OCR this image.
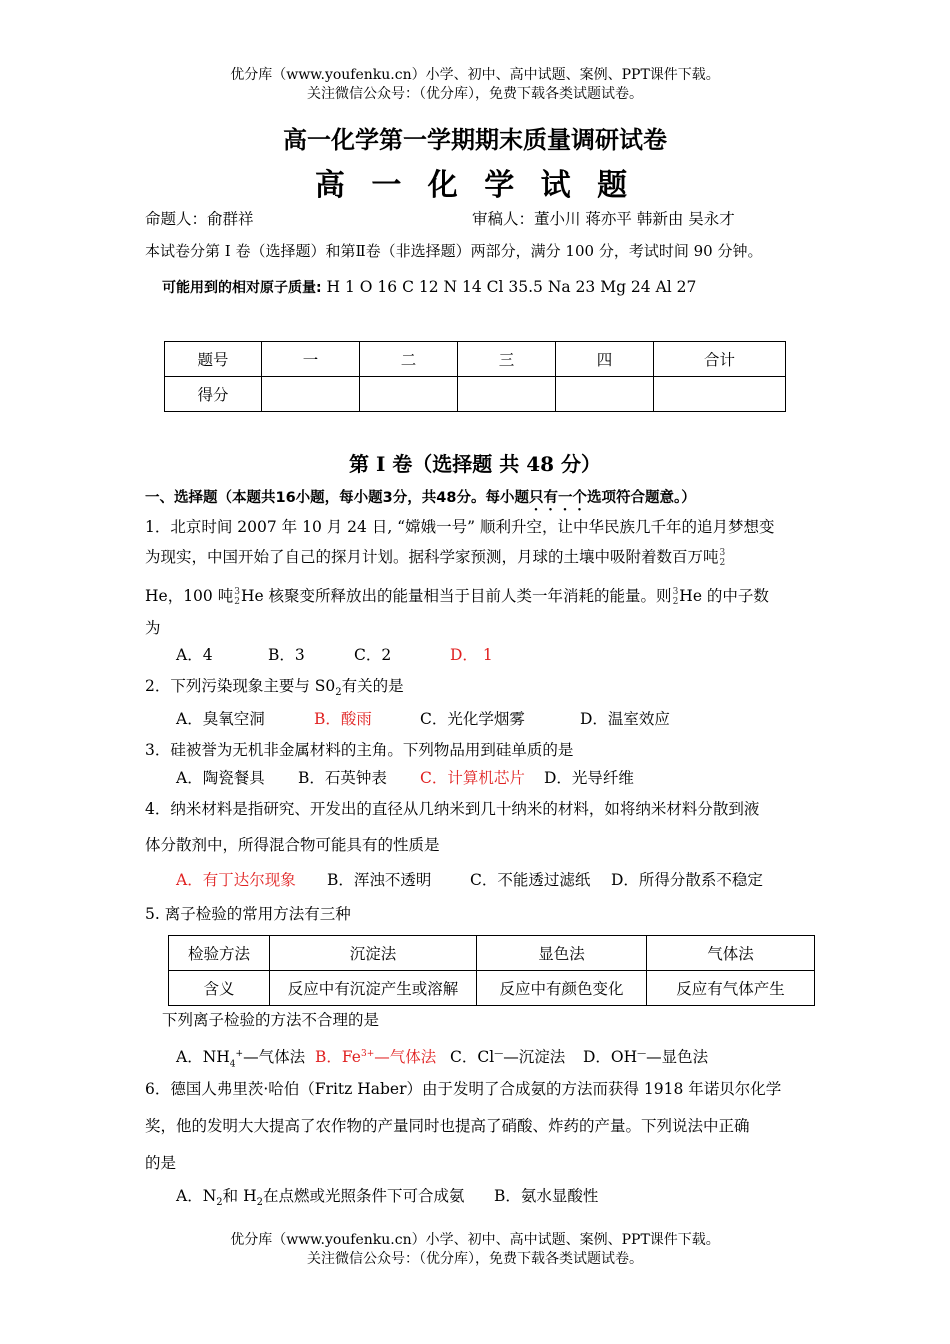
优分库（www.youfenku.cn）小学、初中、高中试题、案例、PPT课件下载。
关注微信公众号：（优分库），免费下载各类试题试卷。
高一化学第一学期期末质量调研试卷
高 一 化 学 试 题
命题人：俞群祥	审稿人：董小川 蒋亦平 韩新由 吴永才
本试卷分第 I 卷（选择题）和第Ⅱ卷（非选择题）两部分，满分 100 分，考试时间 90 分钟。
可能用到的相对原子质量: H 1 O 16 C 12 N 14 Cl 35.5 Na 23 Mg 24 Al 27
题号	一	二	三	四	合计
得分					
第 I 卷（选择题 共 48 分）
一、选择题（本题共16小题，每小题3分，共48分。每小题只有一个选项符合题意。）
1．北京时间 2007 年 10 月 24 日, “嫦娥一号” 顺利升空，让中华民族几千年的追月梦想变
为现实，中国开始了自己的探月计划。据科学家预测，月球的土壤中吸附着数百万吨3
2
He，100 吨3
2He 核聚变所释放出的能量相当于目前人类一年消耗的能量。则3
2He 的中子数
为
A．4	B．3	C．2	D． 1
2．下列污染现象主要与 $S0_2$有关的是
A．臭氧空洞	B．酸雨	C．光化学烟雾	D．温室效应
3．硅被誉为无机非金属材料的主角。下列物品用到硅单质的是
A．陶瓷餐具 B．石英钟表 C．计算机芯片 D．光导纤维
4．纳米材料是指研究、开发出的直径从几纳米到几十纳米的材料，如将纳米材料分散到液
体分散剂中，所得混合物可能具有的性质是
A．有丁达尔现象 B．浑浊不透明 C．不能透过滤纸 D．所得分散系不稳定
5. 离子检验的常用方法有三种
检验方法	沉淀法	显色法	气体法
含义	反应中有沉淀产生或溶解	反应中有颜色变化	反应有气体产生
下列离子检验的方法不合理的是
A．$NH_4^+—$气体法 B．$Fe^{3+}—$气体法 C．Cl——沉淀法 D．OH——显色法
6．德国人弗里茨·哈伯（Fritz Haber）由于发明了合成氨的方法而获得 1918 年诺贝尔化学
奖，他的发明大大提高了农作物的产量同时也提高了硝酸、炸药的产量。下列说法中正确
的是
A．$N_2$和 $H_2$在点燃或光照条件下可合成氨 B．氨水显酸性
优分库（www.youfenku.cn）小学、初中、高中试题、案例、PPT课件下载。
关注微信公众号：（优分库），免费下载各类试题试卷。
